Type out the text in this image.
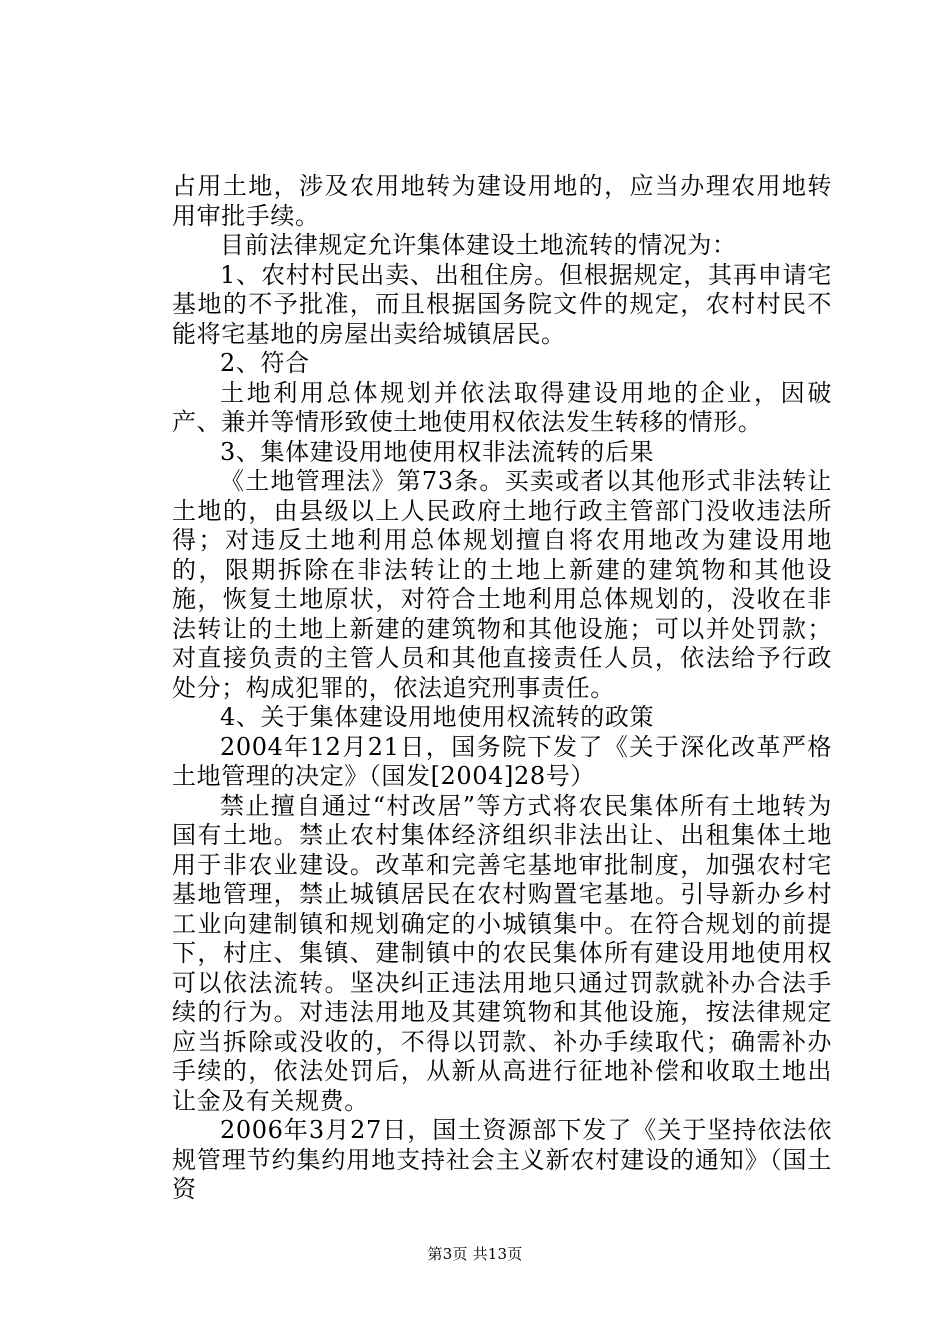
占用土地，涉及农用地转为建设用地的，应当办理农用地转用审批手续。

目前法律规定允许集体建设土地流转的情况为：

1、农村村民出卖、出租住房。但根据规定，其再申请宅基地的不予批准，而且根据国务院文件的规定，农村村民不能将宅基地的房屋出卖给城镇居民。

2、符合

土地利用总体规划并依法取得建设用地的企业，因破产、兼并等情形致使土地使用权依法发生转移的情形。

3、集体建设用地使用权非法流转的后果

《土地管理法》第73条。买卖或者以其他形式非法转让土地的，由县级以上人民政府土地行政主管部门没收违法所得；对违反土地利用总体规划擅自将农用地改为建设用地的，限期拆除在非法转让的土地上新建的建筑物和其他设施，恢复土地原状，对符合土地利用总体规划的，没收在非法转让的土地上新建的建筑物和其他设施；可以并处罚款；对直接负责的主管人员和其他直接责任人员，依法给予行政处分；构成犯罪的，依法追究刑事责任。

4、关于集体建设用地使用权流转的政策

2004年12月21日，国务院下发了《关于深化改革严格土地管理的决定》（国发[2004]28号）

禁止擅自通过“村改居”等方式将农民集体所有土地转为国有土地。禁止农村集体经济组织非法出让、出租集体土地用于非农业建设。改革和完善宅基地审批制度，加强农村宅基地管理，禁止城镇居民在农村购置宅基地。引导新办乡村工业向建制镇和规划确定的小城镇集中。在符合规划的前提下，村庄、集镇、建制镇中的农民集体所有建设用地使用权可以依法流转。坚决纠正违法用地只通过罚款就补办合法手续的行为。对违法用地及其建筑物和其他设施，按法律规定应当拆除或没收的，不得以罚款、补办手续取代；确需补办手续的，依法处罚后，从新从高进行征地补偿和收取土地出让金及有关规费。

2006年3月27日，国土资源部下发了《关于坚持依法依规管理节约集约用地支持社会主义新农村建设的通知》（国土资

第3页 共13页
